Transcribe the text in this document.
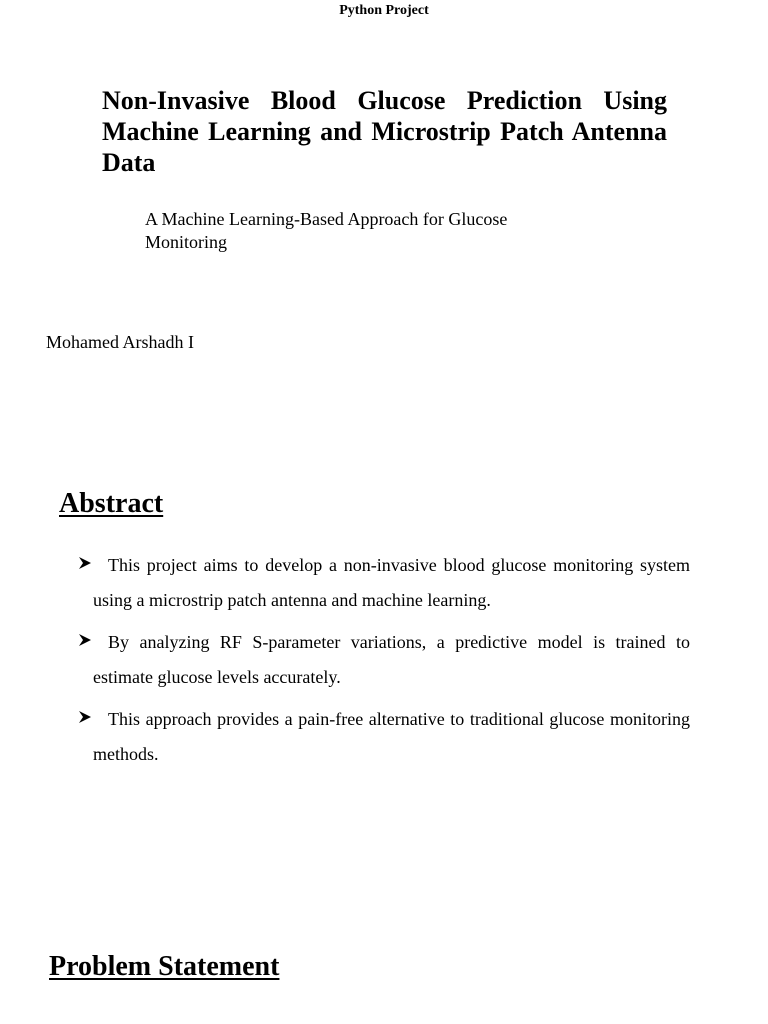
Python Project
Non-Invasive Blood Glucose Prediction Using Machine Learning and Microstrip Patch Antenna Data
A Machine Learning-Based Approach for Glucose Monitoring
Mohamed Arshadh I
Abstract
This project aims to develop a non-invasive blood glucose monitoring system using a microstrip patch antenna and machine learning.
By analyzing RF S-parameter variations, a predictive model is trained to estimate glucose levels accurately.
This approach provides a pain-free alternative to traditional glucose monitoring methods.
Problem Statement
